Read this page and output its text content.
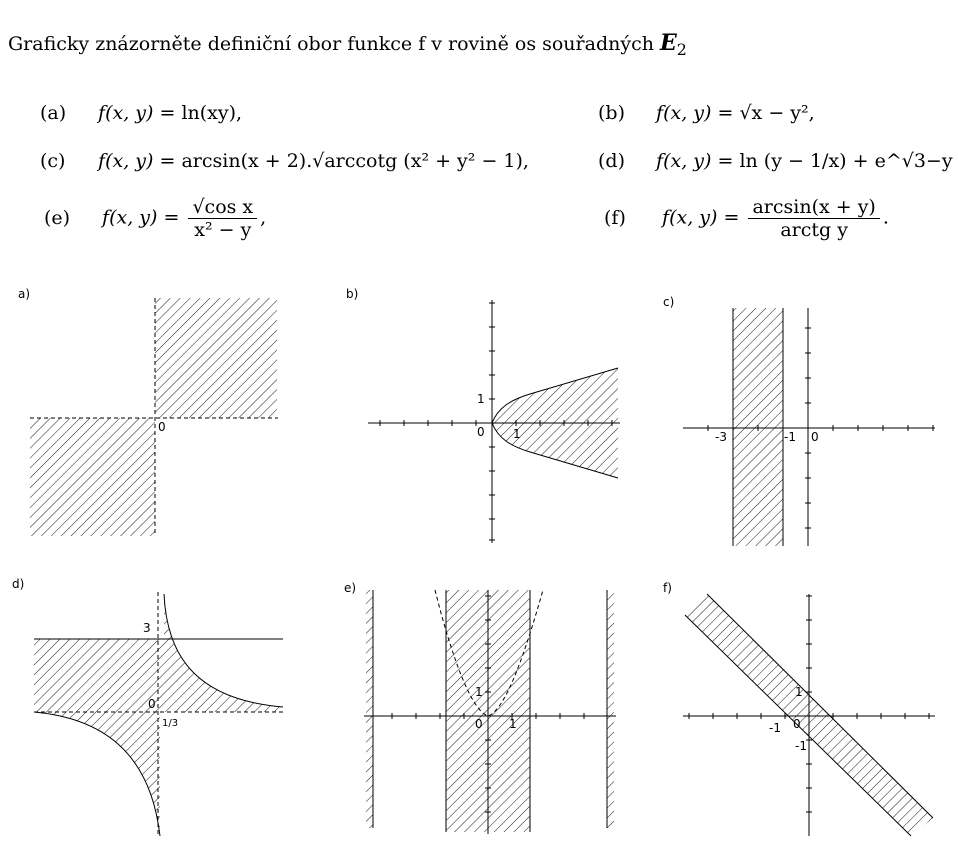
Graficky znázorněte definiční obor funkce f v rovině os souřadných $E_2$
(a) f(x, y) = ln(xy),	(b) f(x, y) = √x − y²,
(c) f(x, y) = arcsin(x + 2).√arccotg (x² + y² − 1),	(d) f(x, y) = ln (y − 1/x) + e^√3−y
(e) f(x, $y) = \frac{\text{√cos x}}{\text{x² − y}}$ ,	(f) f(x, $y) = \frac{\arcsin(x + y)}{\text{arctg y}}$ .
a)
0
b)
0 1
1
c)
-3	-1 0
d)
3
0
1/3
e)
0 1
1
f)
1
-1 0
-1
